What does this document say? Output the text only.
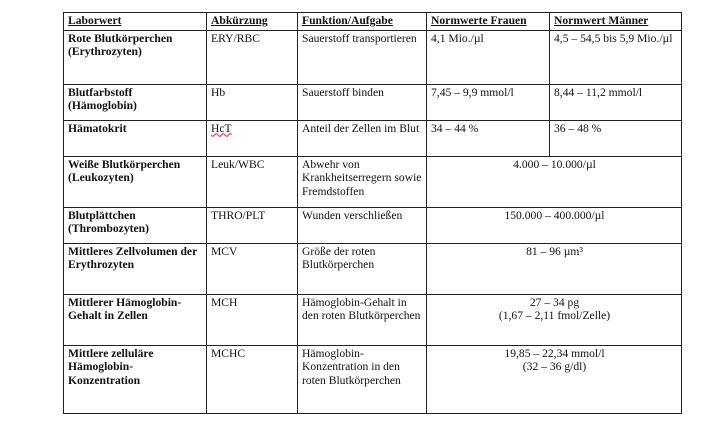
Laborwert	Abkürzung	Funktion/Aufgabe	Normwerte Frauen	Normwert Männer
Rote Blutkörperchen (Erythrozyten)	ERY/RBC	Sauerstoff transportieren	4,1 Mio./µl	4,5 – 54,5 bis 5,9 Mio./µl
Blutfarbstoff (Hämoglobin)	Hb	Sauerstoff binden	7,45 – 9,9 mmol/l	8,44 – 11,2 mmol/l
Hämatokrit	HcT	Anteil der Zellen im Blut	34 – 44 %	36 – 48 %
Weiße Blutkörperchen (Leukozyten)	Leuk/WBC	Abwehr von Krankheitserregern sowie Fremdstoffen	4.000 – 10.000/µl	
Blutplättchen (Thrombozyten)	THRO/PLT	Wunden verschließen	150.000 – 400.000/µl	
Mittleres Zellvolumen der Erythrozyten	MCV	Größe der roten Blutkörperchen	81 – 96 µm³	
Mittlerer Hämoglobin-Gehalt in Zellen	MCH	Hämoglobin-Gehalt in den roten Blutkörperchen	27 – 34 pg
(1,67 – 2,11 fmol/Zelle)	

Mittlere zelluläre Hämoglobin-Konzentration	MCHC	Hämoglobin-Konzentration in den roten Blutkörperchen	19,85 – 22,34 mmol/l
(32 – 36 g/dl)	
